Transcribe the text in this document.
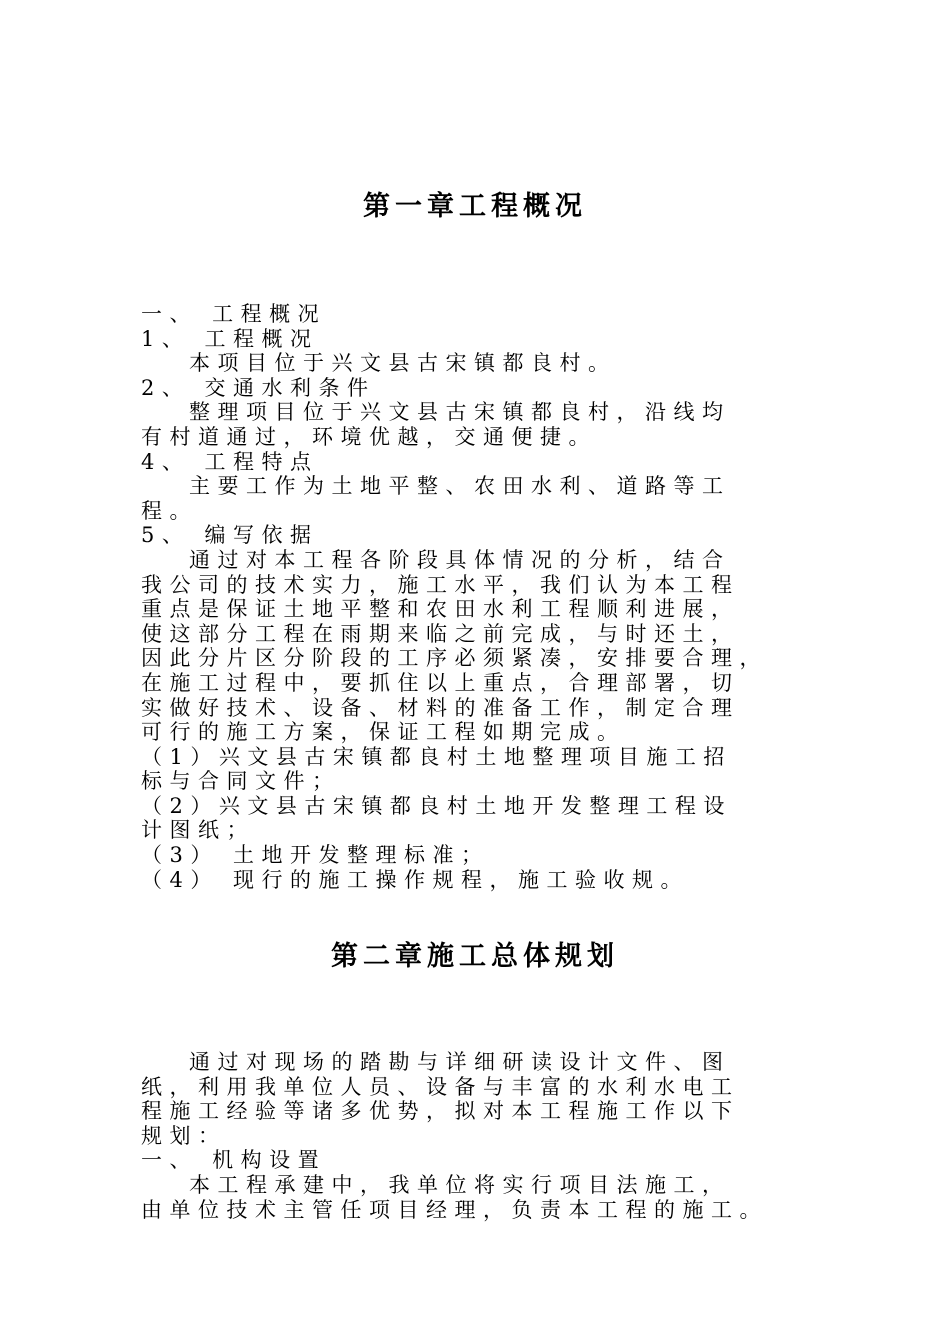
第一章工程概况
一、 工程概况
1、 工程概况
本项目位于兴文县古宋镇都良村。
2、 交通水利条件
整理项目位于兴文县古宋镇都良村，沿线均
有村道通过，环境优越，交通便捷。
4、 工程特点
主要工作为土地平整、农田水利、道路等工
程。
5、 编写依据
通过对本工程各阶段具体情况的分析，结合
我公司的技术实力，施工水平，我们认为本工程
重点是保证土地平整和农田水利工程顺利进展，
使这部分工程在雨期来临之前完成，与时还土，
因此分片区分阶段的工序必须紧凑，安排要合理，
在施工过程中，要抓住以上重点，合理部署，切
实做好技术、设备、材料的准备工作，制定合理
可行的施工方案，保证工程如期完成。
（1）兴文县古宋镇都良村土地整理项目施工招
标与合同文件；
（2）兴文县古宋镇都良村土地开发整理工程设
计图纸；
（3） 土地开发整理标准；
（4） 现行的施工操作规程，施工验收规。
第二章施工总体规划
通过对现场的踏勘与详细研读设计文件、图
纸，利用我单位人员、设备与丰富的水利水电工
程施工经验等诸多优势，拟对本工程施工作以下
规划：
一、 机构设置
本工程承建中，我单位将实行项目法施工，
由单位技术主管任项目经理，负责本工程的施工。
